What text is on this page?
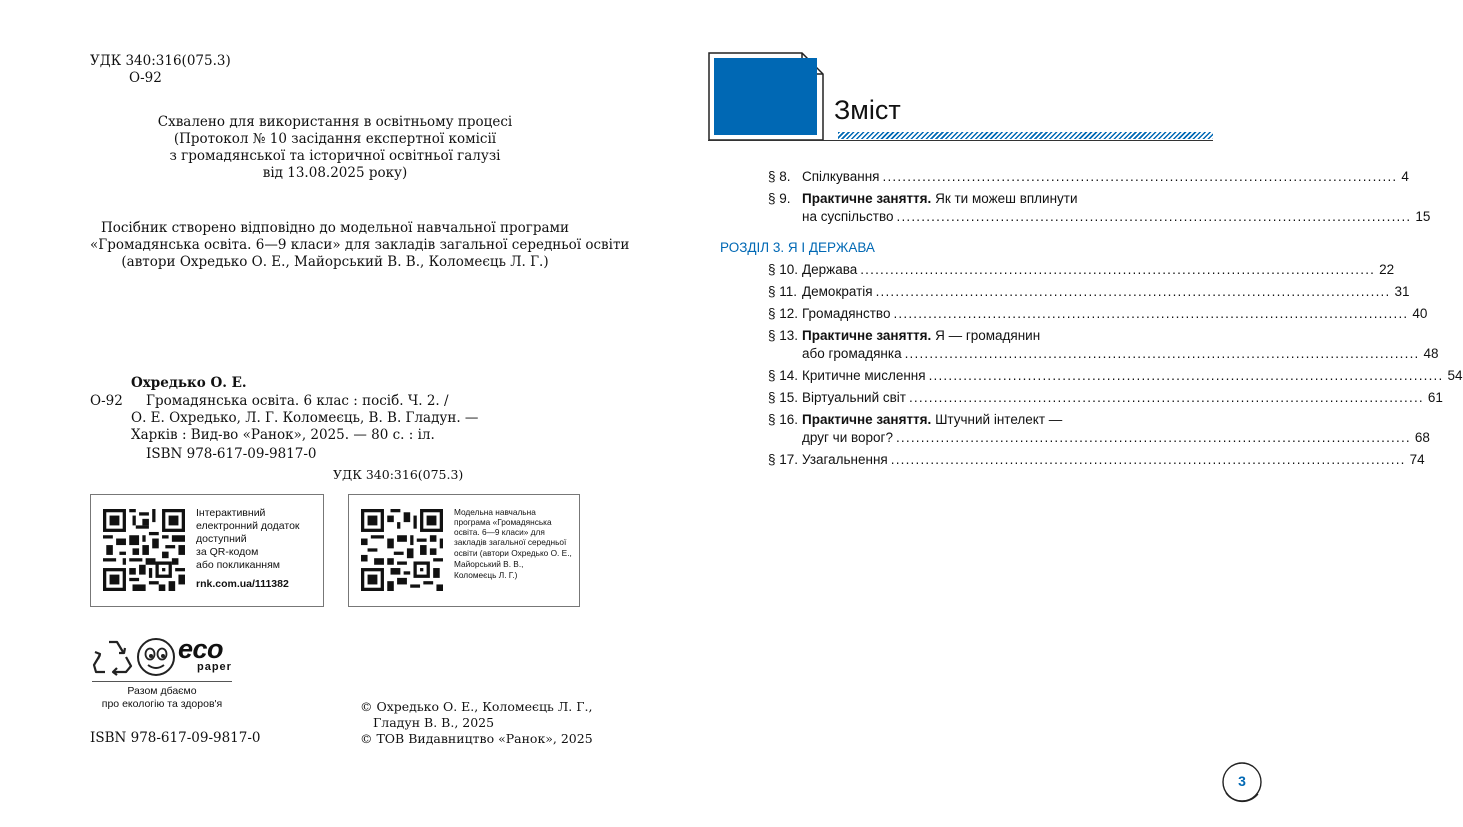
УДК 340:316(075.3)
О-92
Схвалено для використання в освітньому процесі
(Протокол № 10 засідання експертної комісії
з громадянської та історичної освітньої галузі
від 13.08.2025 року)
Посібник створено відповідно до модельної навчальної програми
«Громадянська освіта. 6—9 класи» для закладів загальної середньої освіти
(автори Охредько О. Е., Майорський В. В., Коломеєць Л. Г.)
Охредько О. Е.
О-92 Громадянська освіта. 6 клас : посіб. Ч. 2. /
О. Е. Охредько, Л. Г. Коломеєць, В. В. Гладун. —
Харків : Вид-во «Ранок», 2025. — 80 с. : іл.
ISBN 978-617-09-9817-0
УДК 340:316(075.3)
Інтерактивний
електронний додаток
доступний
за QR-кодом
або покликанням
rnk.com.ua/111382
Модельна навчальна
програма «Громадянська
освіта. 6—9 класи» для
закладів загальної середньої
освіти (автори Охредько О. Е.,
Майорський В. В.,
Коломеєць Л. Г.)
eco
paper
Разом дбаємо
про екологію та здоров'я
ISBN 978-617-09-9817-0
© Охредько О. Е., Коломеєць Л. Г.,
Гладун В. В., 2025
© ТОВ Видавництво «Ранок», 2025
Зміст
§ 8. Спілкування ........................................................................................................ 4
§ 9. Практичне заняття. Як ти можеш вплинути
на суспільство ........................................................................................................ 15
РОЗДІЛ 3. Я І ДЕРЖАВА
§ 10. Держава ........................................................................................................ 22
§ 11. Демократія ........................................................................................................ 31
§ 12. Громадянство ........................................................................................................ 40
§ 13. Практичне заняття. Я — громадянин
або громадянка ........................................................................................................ 48
§ 14. Критичне мислення ........................................................................................................ 54
§ 15. Віртуальний світ ........................................................................................................ 61
§ 16. Практичне заняття. Штучний інтелект —
друг чи ворог? ........................................................................................................ 68
§ 17. Узагальнення ........................................................................................................ 74
3
